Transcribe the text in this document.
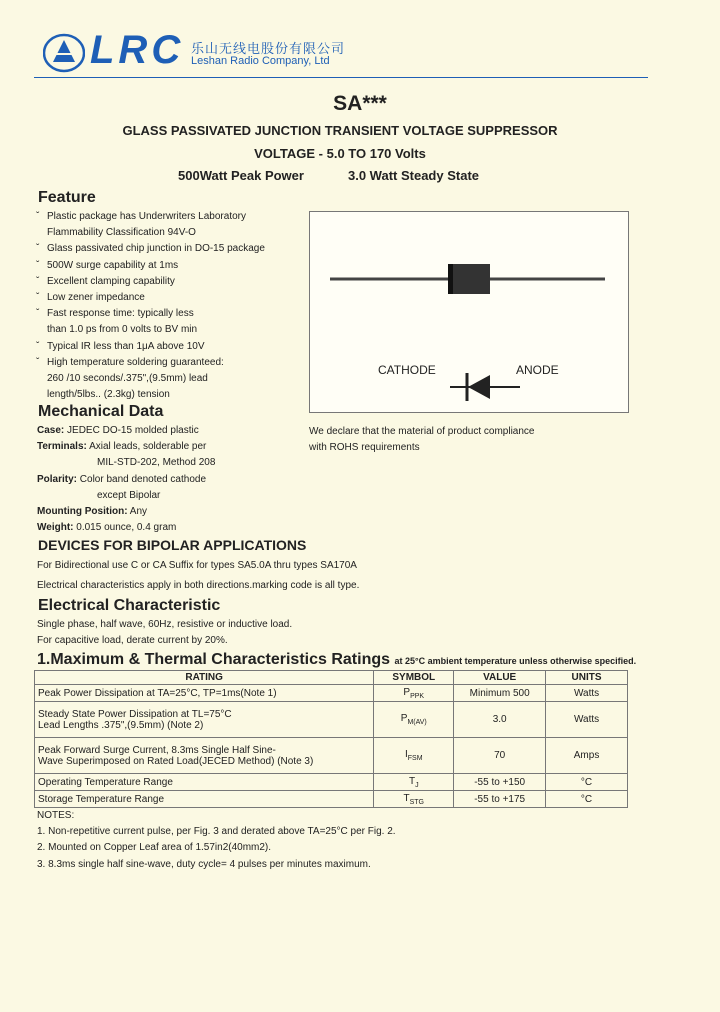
LRC 乐山无线电股份有限公司
Leshan Radio Company, Ltd
SA***
GLASS PASSIVATED JUNCTION TRANSIENT VOLTAGE SUPPRESSOR
VOLTAGE - 5.0 TO 170 Volts
500Watt Peak Power	3.0 Watt Steady State
Feature
ˇ Plastic package has Underwriters Laboratory
Flammability Classification 94V-O
ˇ Glass passivated chip junction in DO-15 package
ˇ 500W surge capability at 1ms
ˇ Excellent clamping capability
ˇ Low zener impedance
ˇ Fast response time: typically less
than 1.0 ps from 0 volts to BV min
ˇ Typical IR less than 1μA above 10V
ˇ High temperature soldering guaranteed:
260 /10 seconds/.375",(9.5mm) lead
length/5lbs.. (2.3kg) tension
CATHODE	ANODE
Mechanical Data
Case: JEDEC DO-15 molded plastic
Terminals: Axial leads, solderable per
MIL-STD-202, Method 208
Polarity: Color band denoted cathode
except Bipolar
Mounting Position: Any
Weight: 0.015 ounce, 0.4 gram
We declare that the material of product compliance
with ROHS requirements
DEVICES FOR BIPOLAR APPLICATIONS
For Bidirectional use C or CA Suffix for types SA5.0A thru types SA170A
Electrical characteristics apply in both directions.marking code is all type.
Electrical Characteristic
Single phase, half wave, 60Hz, resistive or inductive load.
For capacitive load, derate current by 20%.
1.Maximum & Thermal Characteristics Ratings at 25°C ambient temperature unless otherwise specified.
RATING	SYMBOL	VALUE	UNITS
Peak Power Dissipation at TA=25°C, TP=1ms(Note 1)	$P_{PPK}$	Minimum 500	Watts

Steady State Power Dissipation at TL=75°C
Lead Lengths .375",(9.5mm) (Note 2)	$P_{M(AV)}$	3.0	Watts

Peak Forward Surge Current, 8.3ms Single Half Sine-
Wave Superimposed on Rated Load(JECED Method) (Note 3)	$I_{FSM}$	70	Amps
Operating Temperature Range	$T_J$	-55 to +150	°C
Storage Temperature Range	$T_{STG}$	-55 to +175	°C
NOTES:
1. Non-repetitive current pulse, per Fig. 3 and derated above TA=25°C per Fig. 2.
2. Mounted on Copper Leaf area of 1.57in2(40mm2).
3. 8.3ms single half sine-wave, duty cycle= 4 pulses per minutes maximum.
